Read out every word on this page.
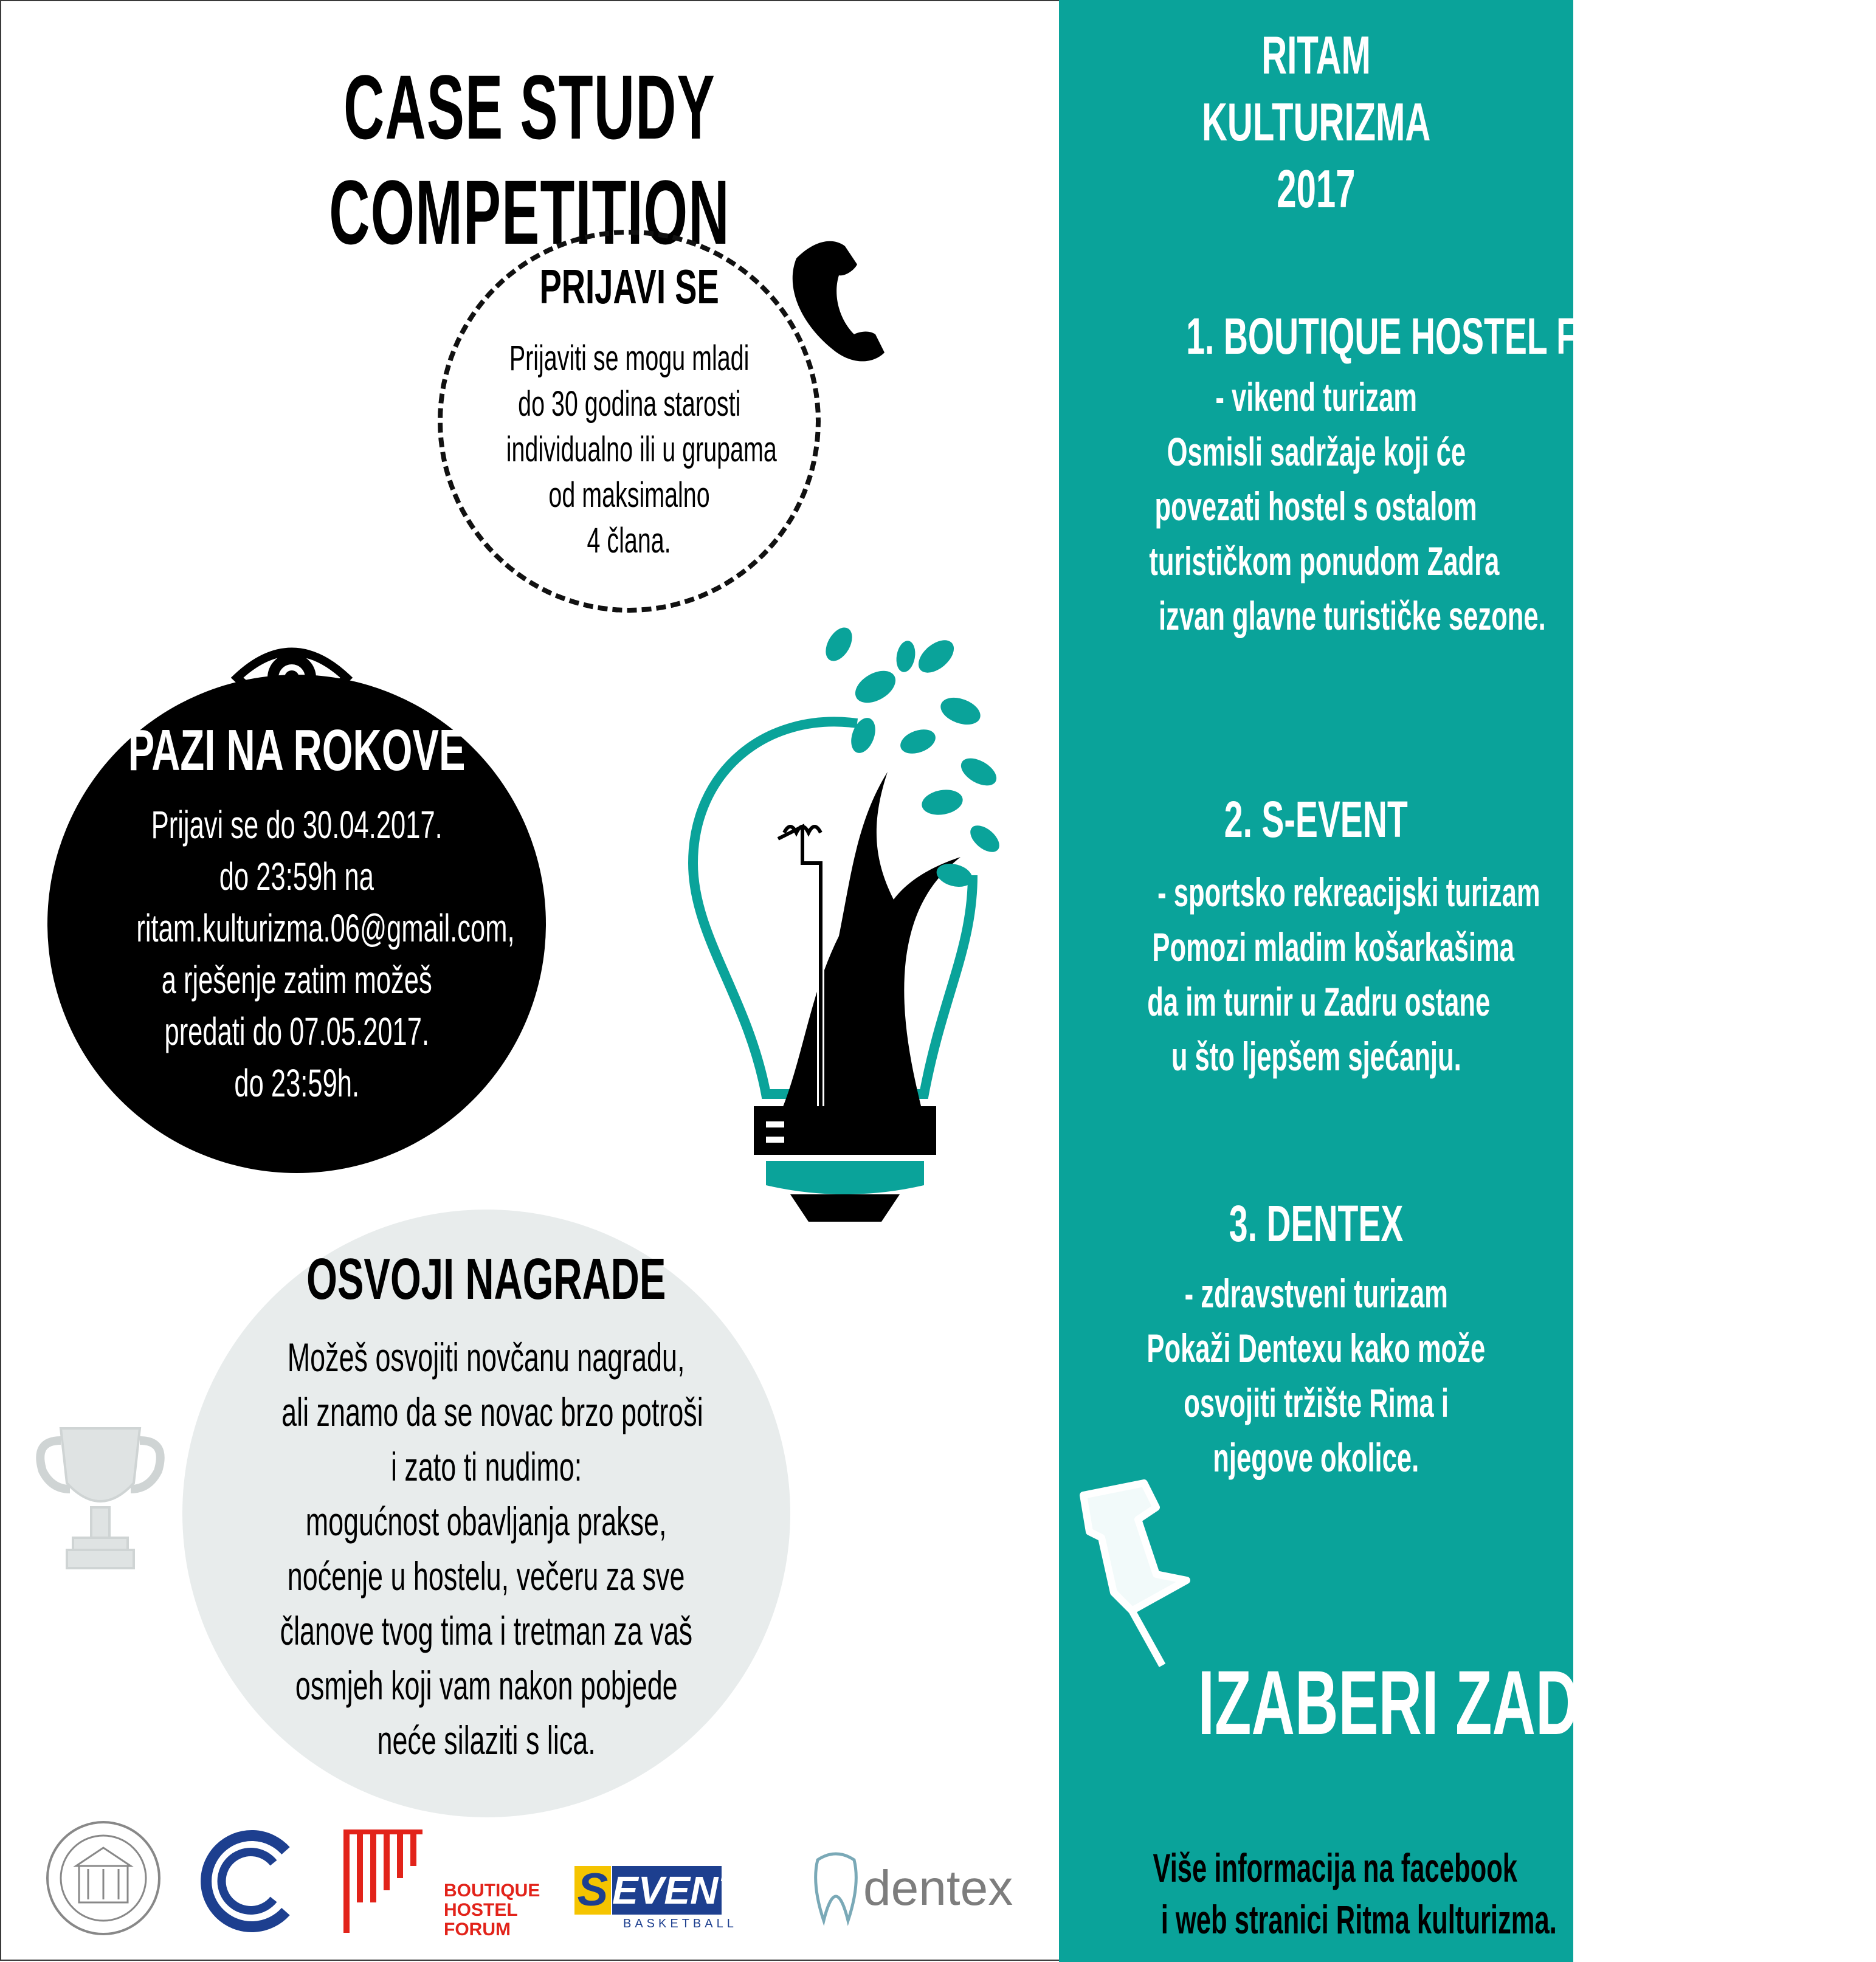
CASE STUDY COMPETITION
PRIJAVI SE
Prijaviti se mogu mladi
do 30 godina starosti
individualno ili u grupama
od maksimalno
4 člana.
PAZI NA ROKOVE
Prijavi se do 30.04.2017.
do 23:59h na
ritam.kulturizma.06@gmail.com,
a rješenje zatim možeš
predati do 07.05.2017.
do 23:59h.
OSVOJI NAGRADE
Možeš osvojiti novčanu nagradu,
ali znamo da se novac brzo potroši
i zato ti nudimo:
mogućnost obavljanja prakse,
noćenje u hostelu, večeru za sve
članove tvog tima i tretman za vaš
osmjeh koji vam nakon pobjede
neće silaziti s lica.
BOUTIQUE
HOSTEL
FORUM
S EVENT
BASKETBALL
dentex
RITAM
KULTURIZMA
2017
1. BOUTIQUE HOSTEL FORUM
- vikend turizam
Osmisli sadržaje koji će
povezati hostel s ostalom
turističkom ponudom Zadra
izvan glavne turističke sezone.
2. S-EVENT
- sportsko rekreacijski turizam
Pomozi mladim košarkašima
da im turnir u Zadru ostane
u što ljepšem sjećanju.
3. DENTEX
- zdravstveni turizam
Pokaži Dentexu kako može
osvojiti tržište Rima i
njegove okolice.
IZABERI ZADATAK
Više informacija na facebook
i web stranici Ritma kulturizma.
